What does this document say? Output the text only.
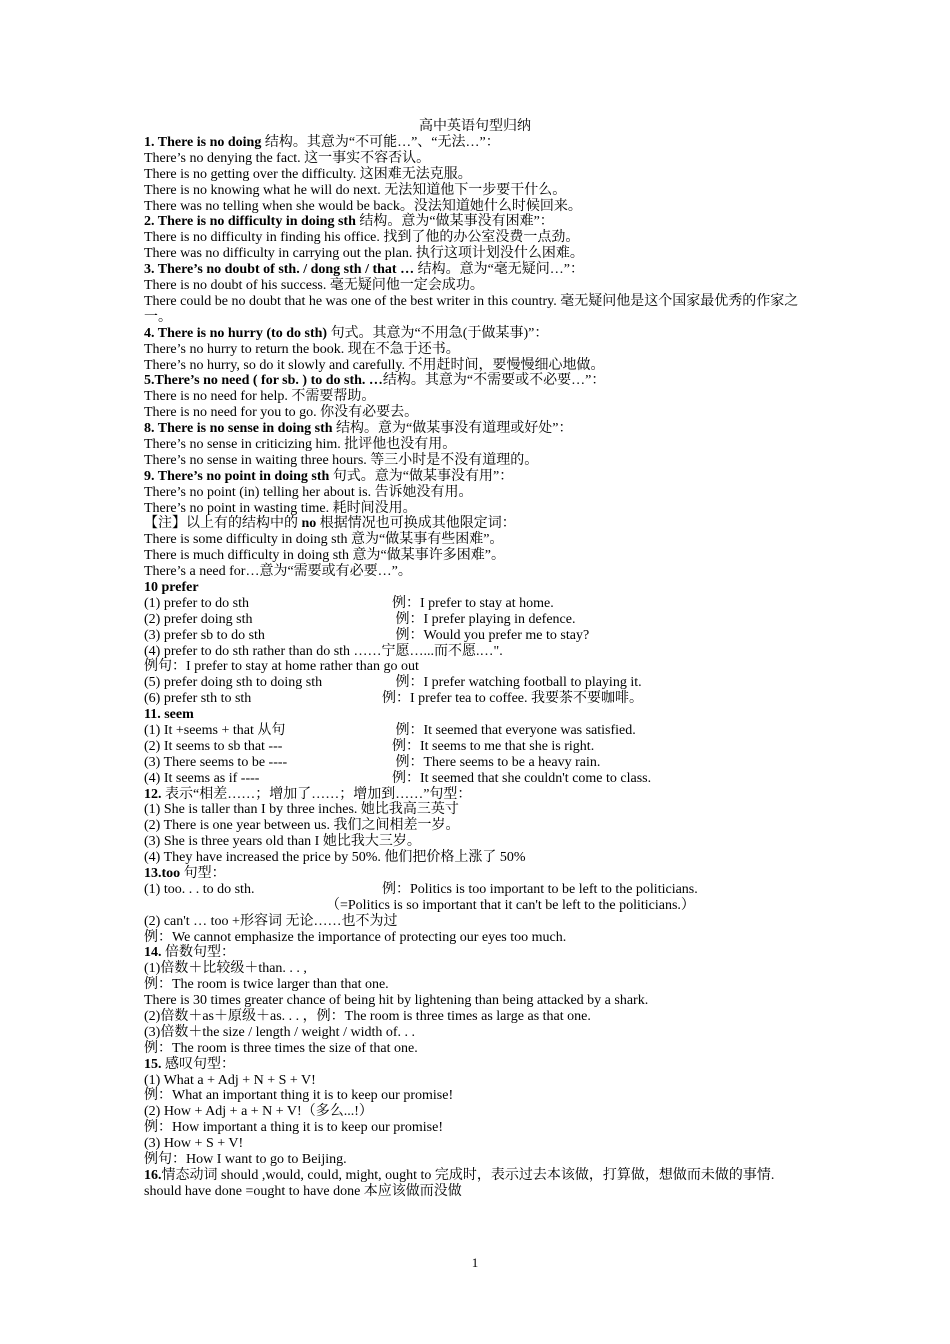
高中英语句型归纳
1. There is no doing 结构。其意为“不可能…”、“无法…”：
There’s no denying the fact. 这一事实不容否认。
There is no getting over the difficulty. 这困难无法克服。
There is no knowing what he will do next. 无法知道他下一步要干什么。
There was no telling when she would be back。没法知道她什么时候回来。
2. There is no difficulty in doing sth 结构。意为“做某事没有困难”：
There is no difficulty in finding his office. 找到了他的办公室没费一点劲。
There was no difficulty in carrying out the plan. 执行这项计划没什么困难。
3. There’s no doubt of sth. / dong sth / that … 结构。意为“毫无疑问…”：
There is no doubt of his success. 毫无疑问他一定会成功。
There could be no doubt that he was one of the best writer in this country. 毫无疑问他是这个国家最优秀的作家之一。
4. There is no hurry (to do sth) 句式。其意为“不用急(于做某事)”：
There’s no hurry to return the book. 现在不急于还书。
There’s no hurry, so do it slowly and carefully. 不用赶时间，要慢慢细心地做。
5.There’s no need ( for sb. ) to do sth. …结构。其意为“不需要或不必要…”：
There is no need for help. 不需要帮助。
There is no need for you to go. 你没有必要去。
8. There is no sense in doing sth 结构。意为“做某事没有道理或好处”：
There’s no sense in criticizing him. 批评他也没有用。
There’s no sense in waiting three hours. 等三小时是不没有道理的。
9. There’s no point in doing sth 句式。意为“做某事没有用”：
There’s no point (in) telling her about is. 告诉她没有用。
There’s no point in wasting time. 耗时间没用。
【注】以上有的结构中的 no 根据情况也可换成其他限定词：
There is some difficulty in doing sth 意为“做某事有些困难”。
There is much difficulty in doing sth 意为“做某事许多困难”。
There’s a need for…意为“需要或有必要…”。
10 prefer
(1) prefer to do sth	例：I prefer to stay at home.
(2) prefer doing sth	例：I prefer playing in defence.
(3) prefer sb to do sth	例：Would you prefer me to stay?
(4) prefer to do sth rather than do sth ……宁愿…...而不愿.…".
例句：I prefer to stay at home rather than go out
(5) prefer doing sth to doing sth	例：I prefer watching football to playing it.
(6) prefer sth to sth	例：I prefer tea to coffee. 我要茶不要咖啡。
11. seem
(1) It +seems + that 从句	例：It seemed that everyone was satisfied.
(2) It seems to sb that ---	例：It seems to me that she is right.
(3) There seems to be ----	例：There seems to be a heavy rain.
(4) It seems as if ----	例：It seemed that she couldn't come to class.
12. 表示“相差……；增加了……；增加到……”句型：
(1) She is taller than I by three inches. 她比我高三英寸
(2) There is one year between us. 我们之间相差一岁。
(3) She is three years old than I 她比我大三岁。
(4) They have increased the price by 50%. 他们把价格上涨了 50%
13.too 句型：
(1) too. . . to do sth.	例：Politics is too important to be left to the politicians.
（=Politics is so important that it can't be left to the politicians.）
(2) can't … too +形容词 无论……也不为过
例：We cannot emphasize the importance of protecting our eyes too much.
14. 倍数句型：
(1)倍数＋比较级＋than. . . ,
例：The room is twice larger than that one.
There is 30 times greater chance of being hit by lightening than being attacked by a shark.
(2)倍数＋as＋原级＋as. . . ，例：The room is three times as large as that one.
(3)倍数＋the size / length / weight / width of. . .
例：The room is three times the size of that one.
15. 感叹句型：
(1) What a + Adj + N + S + V!
例：What an important thing it is to keep our promise!
(2) How + Adj + a + N + V!（多么...!）
例：How important a thing it is to keep our promise!
(3) How + S + V!
例句：How I want to go to Beijing.
16.情态动词 should ,would, could, might, ought to 完成时，表示过去本该做，打算做，想做而未做的事情.
should have done =ought to have done 本应该做而没做
1
